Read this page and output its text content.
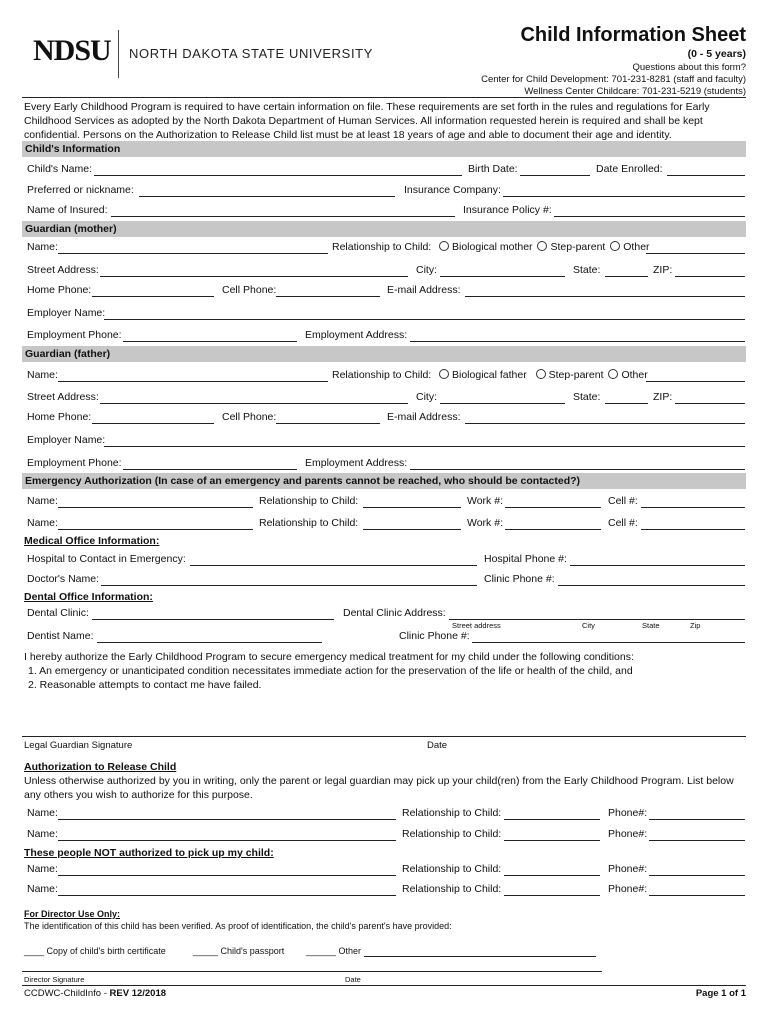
NDSU NORTH DAKOTA STATE UNIVERSITY
Child Information Sheet
(0 - 5 years)
Questions about this form?
Center for Child Development: 701-231-8281 (staff and faculty)
Wellness Center Childcare: 701-231-5219 (students)
Every Early Childhood Program is required to have certain information on file. These requirements are set forth in the rules and regulations for Early Childhood Services as adopted by the North Dakota Department of Human Services. All information requested herein is required and shall be kept confidential. Persons on the Authorization to Release Child list must be at least 18 years of age and able to document their age and identity.
Child's Information
Child's Name:	Birth Date:	Date Enrolled:
Preferred or nickname:	Insurance Company:
Name of Insured:	Insurance Policy #:
Guardian (mother)
Name:	Relationship to Child:	Biological mother Step-parent Other
Street Address:	City:	State:	ZIP:
Home Phone:	Cell Phone:	E-mail Address:
Employer Name:
Employment Phone:	Employment Address:
Guardian (father)
Name:	Relationship to Child:	Biological father Step-parent Other
Street Address:	City:	State:	ZIP:
Home Phone:	Cell Phone:	E-mail Address:
Employer Name:
Employment Phone:	Employment Address:
Emergency Authorization (In case of an emergency and parents cannot be reached, who should be contacted?)
Name:	Relationship to Child:	Work #:	Cell #:
Name:	Relationship to Child:	Work #:	Cell #:
Medical Office Information:
Hospital to Contact in Emergency:	Hospital Phone #:
Doctor's Name:	Clinic Phone #:
Dental Office Information:
Dental Clinic:	Dental Clinic Address:
Street address	City	State	Zip
Dentist Name:	Clinic Phone #:
I hereby authorize the Early Childhood Program to secure emergency medical treatment for my child under the following conditions:
1. An emergency or unanticipated condition necessitates immediate action for the preservation of the life or health of the child, and
2. Reasonable attempts to contact me have failed.
Legal Guardian Signature	Date
Authorization to Release Child
Unless otherwise authorized by you in writing, only the parent or legal guardian may pick up your child(ren) from the Early Childhood Program. List below any others you wish to authorize for this purpose.
Name:	Relationship to Child:	Phone#:
Name:	Relationship to Child:	Phone#:
These people NOT authorized to pick up my child:
Name:	Relationship to Child:	Phone#:
Name:	Relationship to Child:	Phone#:
For Director Use Only:
The identification of this child has been verified. As proof of identification, the child's parent's have provided:
____ Copy of child's birth certificate	_____ Child's passport ______ Other
Director Signature	Date
CCDWC-ChildInfo - REV 12/2018	Page 1 of 1
